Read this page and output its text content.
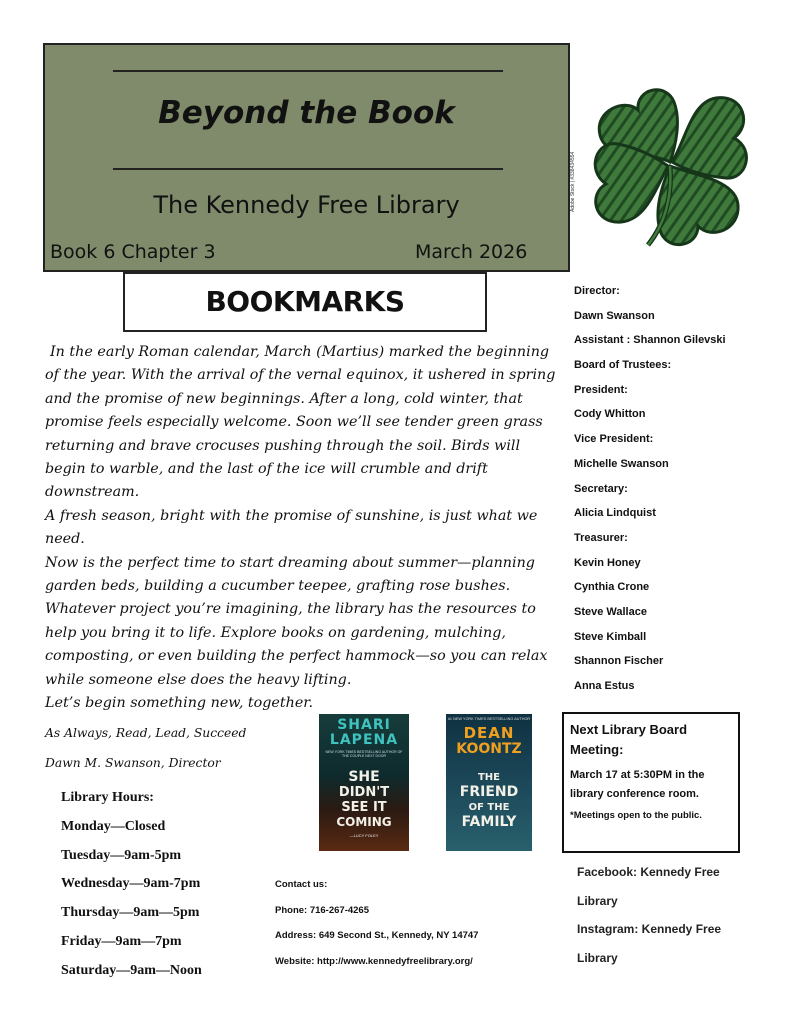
Beyond the Book
The Kennedy Free Library
Book 6 Chapter 3	March 2026
Adobe Stock | #338434554
BOOKMARKS

In the early Roman calendar, March (Martius) marked the beginning of the year. With the arrival of the vernal equinox, it ushered in spring and the promise of new beginnings. After a long, cold winter, that promise feels especially welcome. Soon we’ll see tender green grass returning and brave crocuses pushing through the soil. Birds will begin to warble, and the last of the ice will crumble and drift downstream.

A fresh season, bright with the promise of sunshine, is just what we need.

Now is the perfect time to start dreaming about summer—planning garden beds, building a cucumber teepee, grafting rose bushes. Whatever project you’re imagining, the library has the resources to help you bring it to life. Explore books on gardening, mulching, composting, or even building the perfect hammock—so you can relax while someone else does the heavy lifting.

Let’s begin something new, together.

Director:
Dawn Swanson
Assistant : Shannon Gilevski
Board of Trustees:
President:
Cody Whitton
Vice President:
Michelle Swanson
Secretary:
Alicia Lindquist
Treasurer:
Kevin Honey
Cynthia Crone
Steve Wallace
Steve Kimball
Shannon Fischer
Anna Estus
Next Library Board Meeting:
March 17 at 5:30PM in the library conference room.
*Meetings open to the public.
Facebook: Kennedy Free
Library
Instagram: Kennedy Free
Library
As Always, Read, Lead, Succeed
Dawn M. Swanson, Director
Library Hours:
Monday—Closed
Tuesday—9am-5pm
Wednesday—9am-7pm
Thursday—9am—5pm
Friday—9am—7pm
Saturday—9am—Noon
SHARI
LAPENA
NEW YORK TIMES BESTSELLING AUTHOR OF THE COUPLE NEXT DOOR
SHE
DIDN'T
SEE IT
COMING
—LUCY FOLEY
#1 NEW YORK TIMES BESTSELLING AUTHOR
DEAN
KOONTZ
THE
FRIEND
OF THE
FAMILY
Contact us:
Phone: 716-267-4265
Address: 649 Second St., Kennedy, NY 14747
Website: http://www.kennedyfreelibrary.org/
